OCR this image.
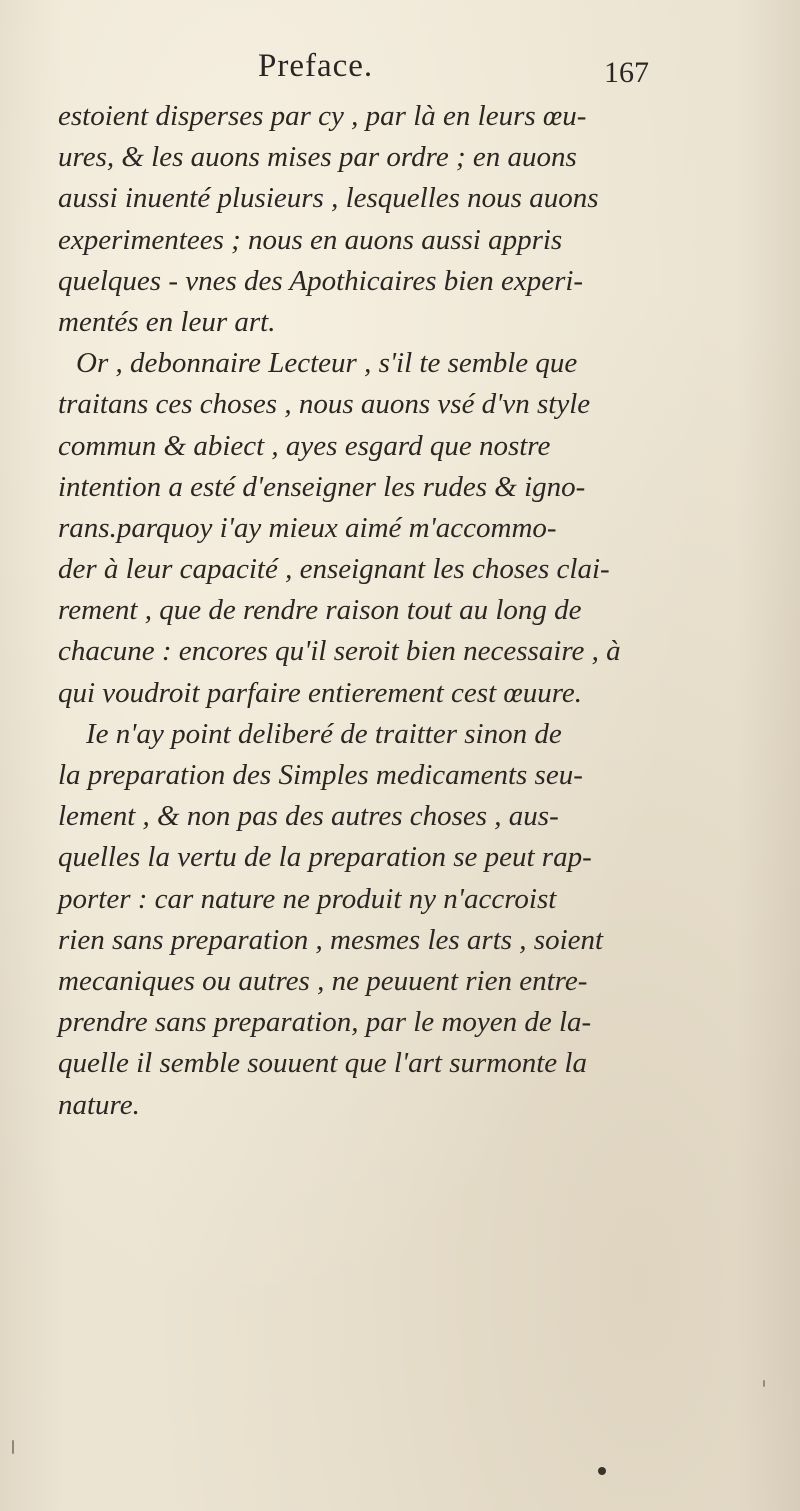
Preface.	167
estoient disperses par cy , par là en leurs œu-
ures, & les auons mises par ordre ; en auons
aussi inuenté plusieurs , lesquelles nous auons
experimentees ; nous en auons aussi appris
quelques - vnes des Apothicaires bien experi-
mentés en leur art.
Or , debonnaire Lecteur , s'il te semble que
traitans ces choses , nous auons vsé d'vn style
commun & abiect , ayes esgard que nostre
intention a esté d'enseigner les rudes & igno-
rans.parquoy i'ay mieux aimé m'accommo-
der à leur capacité , enseignant les choses clai-
rement , que de rendre raison tout au long de
chacune : encores qu'il seroit bien necessaire , à
qui voudroit parfaire entierement cest œuure.
Ie n'ay point deliberé de traitter sinon de
la preparation des Simples medicaments seu-
lement , & non pas des autres choses , aus-
quelles la vertu de la preparation se peut rap-
porter : car nature ne produit ny n'accroist
rien sans preparation , mesmes les arts , soient
mecaniques ou autres , ne peuuent rien entre-
prendre sans preparation, par le moyen de la-
quelle il semble souuent que l'art surmonte la
nature.
